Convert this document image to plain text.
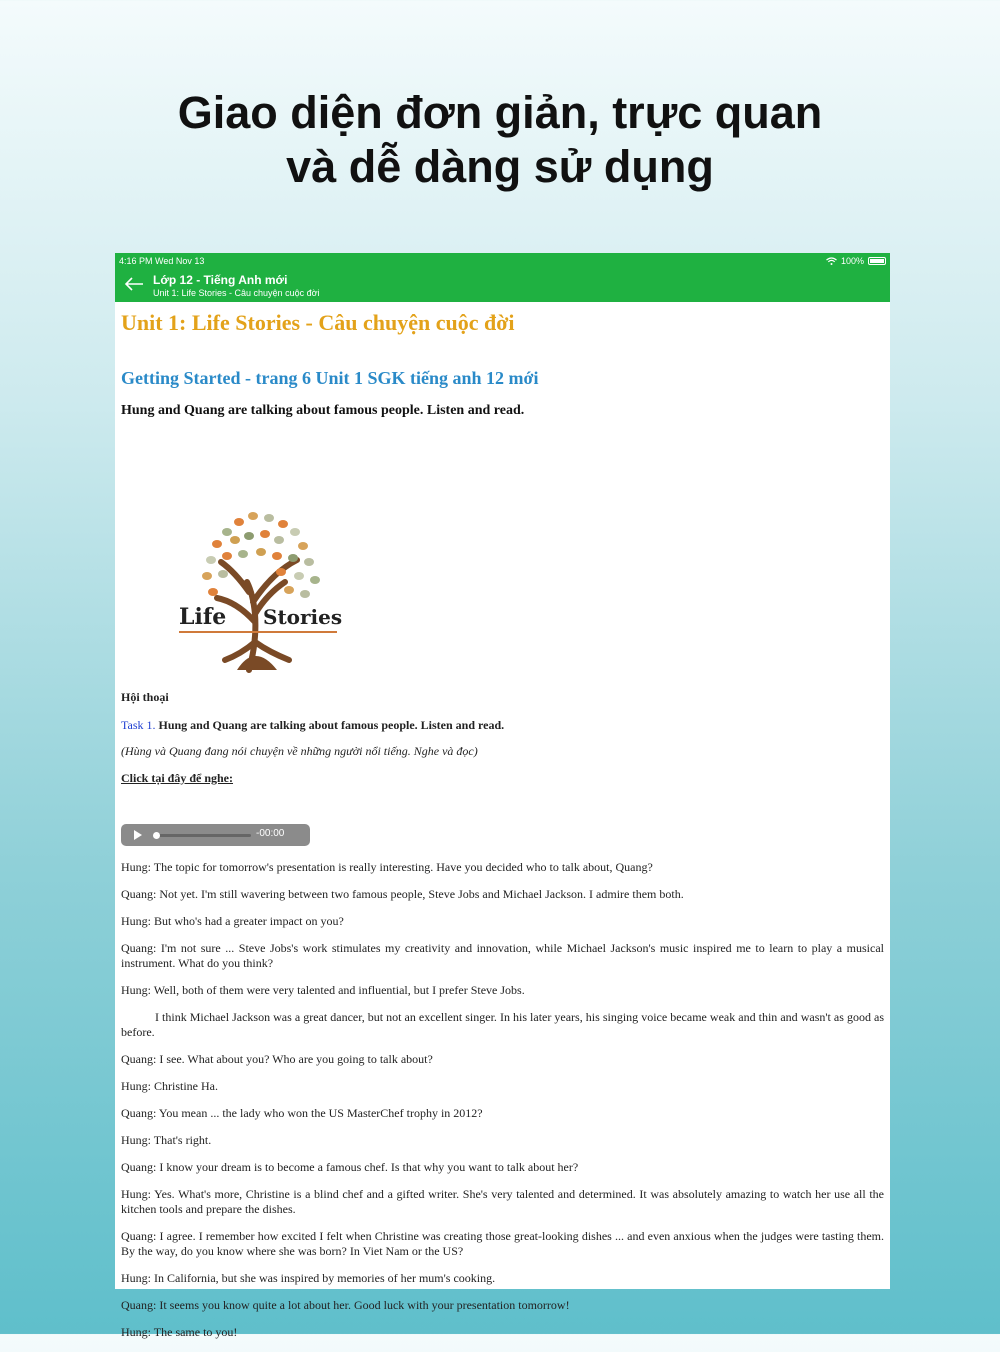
Giao diện đơn giản, trực quan
và dễ dàng sử dụng
4:16 PM Wed Nov 13	100%
Lớp 12 - Tiếng Anh mới
Unit 1: Life Stories - Câu chuyện cuộc đời
Unit 1: Life Stories - Câu chuyện cuộc đời
Getting Started - trang 6 Unit 1 SGK tiếng anh 12 mới
Hung and Quang are talking about famous people. Listen and read.
Life Stories

Hội thoại

Task 1. Hung and Quang are talking about famous people. Listen and read.

(Hùng và Quang đang nói chuyện về những người nổi tiếng. Nghe và đọc)

Click tại đây để nghe:

-00:00

Hung: The topic for tomorrow's presentation is really interesting. Have you decided who to talk about, Quang?

Quang: Not yet. I'm still wavering between two famous people, Steve Jobs and Michael Jackson. I admire them both.

Hung: But who's had a greater impact on you?

Quang: I'm not sure ... Steve Jobs's work stimulates my creativity and innovation, while Michael Jackson's music inspired me to learn to play a musical instrument. What do you think?

Hung: Well, both of them were very talented and influential, but I prefer Steve Jobs.

I think Michael Jackson was a great dancer, but not an excellent singer. In his later years, his singing voice became weak and thin and wasn't as good as before.

Quang: I see. What about you? Who are you going to talk about?

Hung: Christine Ha.

Quang: You mean ... the lady who won the US MasterChef trophy in 2012?

Hung: That's right.

Quang: I know your dream is to become a famous chef. Is that why you want to talk about her?

Hung: Yes. What's more, Christine is a blind chef and a gifted writer. She's very talented and determined. It was absolutely amazing to watch her use all the kitchen tools and prepare the dishes.

Quang: I agree. I remember how excited I felt when Christine was creating those great-looking dishes ... and even anxious when the judges were tasting them. By the way, do you know where she was born? In Viet Nam or the US?

Hung: In California, but she was inspired by memories of her mum's cooking.

Quang: It seems you know quite a lot about her. Good luck with your presentation tomorrow!

Hung: The same to you!
